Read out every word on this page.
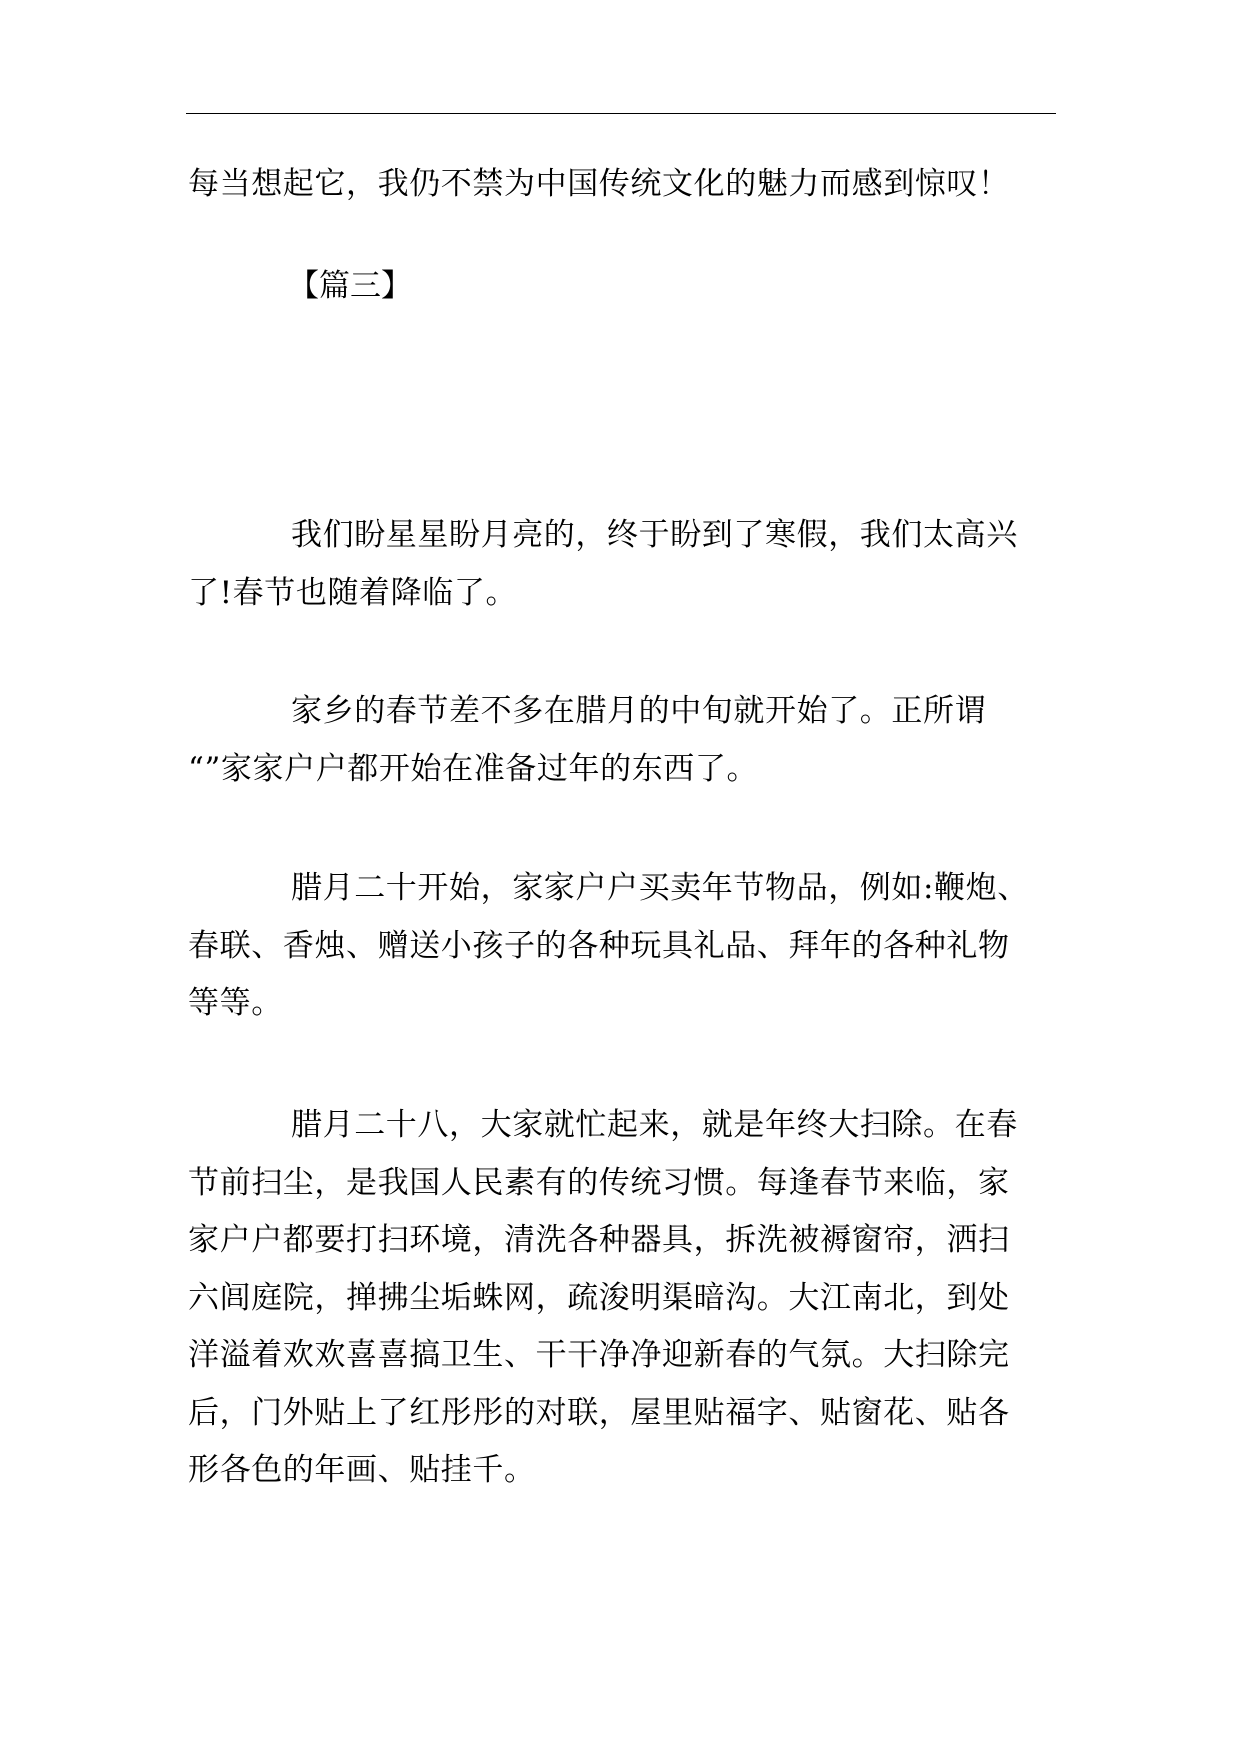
每当想起它，我仍不禁为中国传统文化的魅力而感到惊叹！

【篇三】

我们盼星星盼月亮的，终于盼到了寒假，我们太高兴
了!春节也随着降临了。

家乡的春节差不多在腊月的中旬就开始了。正所谓
“”家家户户都开始在准备过年的东西了。

腊月二十开始，家家户户买卖年节物品，例如:鞭炮、
春联、香烛、赠送小孩子的各种玩具礼品、拜年的各种礼物
等等。

腊月二十八，大家就忙起来，就是年终大扫除。在春
节前扫尘，是我国人民素有的传统习惯。每逢春节来临，家
家户户都要打扫环境，清洗各种器具，拆洗被褥窗帘，洒扫
六闾庭院，掸拂尘垢蛛网，疏浚明渠暗沟。大江南北，到处
洋溢着欢欢喜喜搞卫生、干干净净迎新春的气氛。大扫除完
后，门外贴上了红彤彤的对联，屋里贴福字、贴窗花、贴各
形各色的年画、贴挂千。
